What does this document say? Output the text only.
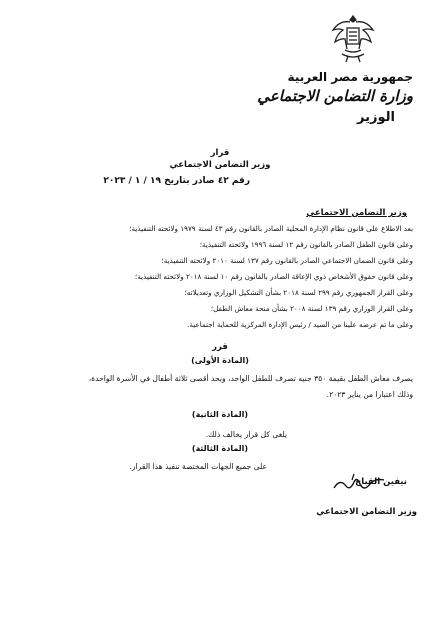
جمهورية مصر العربية
وزارة التضامن الاجتماعي
الوزير
قرار
وزير التضامن الاجتماعي
رقم ٤٢ صادر بتاريخ ١٩ / ١ / ٢٠٢٣
وزير التضامن الاجتماعي
بعد الاطلاع على قانون نظام الإدارة المحلية الصادر بالقانون رقم ٤٣ لسنة ١٩٧٩ ولائحته التنفيذية؛
وعلى قانون الطفل الصادر بالقانون رقم ١٢ لسنة ١٩٩٦ ولائحته التنفيذية؛
وعلى قانون الضمان الاجتماعي الصادر بالقانون رقم ١٣٧ لسنة ٢٠١٠ ولائحته التنفيذية؛
وعلى قانون حقوق الأشخاص ذوي الإعاقة الصادر بالقانون رقم ١٠ لسنة ٢٠١٨ ولائحته التنفيذية؛
وعلى القرار الجمهوري رقم ٢٩٩ لسنة ٢٠١٨ بشأن التشكيل الوزاري وتعديلاته؛
وعلى القرار الوزاري رقم ١٣٩ لسنة ٢٠٠٨ بشأن منحة معاش الطفل؛
وعلى ما تم عرضه علينا من السيد / رئيس الإدارة المركزية للحماية اجتماعية.
قرر
(المادة الأولى)
يصرف معاش الطفل بقيمة ٣٥٠ جنيه تصرف للطفل الواحد، وبحد أقصى ثلاثة أطفال في الأسرة الواحدة،
وذلك اعتبارا من يناير ٢٠٢٣.
(المادة الثانية)
يلغى كل قرار يخالف ذلك.
(المادة الثالثة)
على جميع الجهات المختصة تنفيذ هذا القرار.
نيفين القباج
وزير التضامن الاجتماعي
